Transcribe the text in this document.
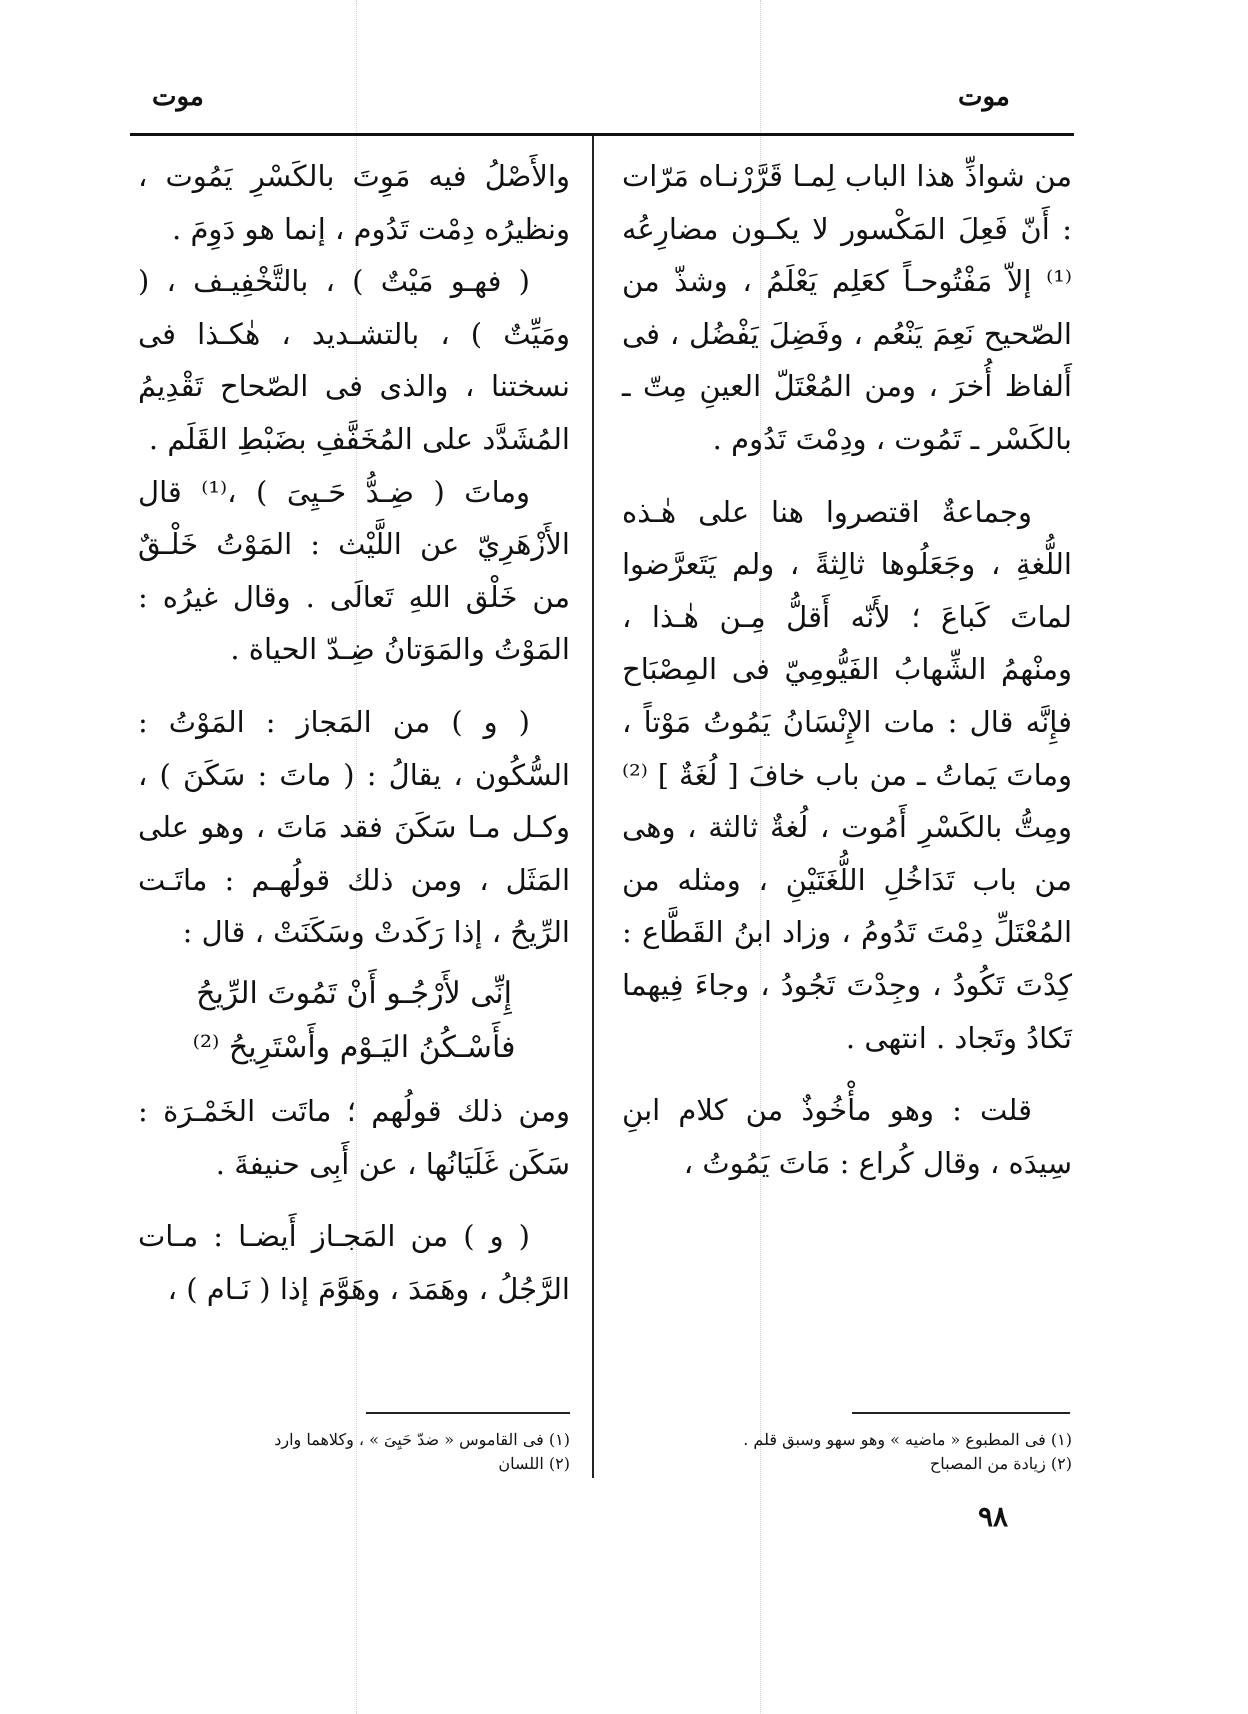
موت
موت

من شواذِّ هذا الباب لِمـا قَرَّرْنـاه مَرّات : أَنّ فَعِلَ المَكْسور لا يكـون مضارِعُه ⁽¹⁾ إلاّ مَفْتُوحـاً كعَلِم يَعْلَمُ ، وشذّ من الصّحيح نَعِمَ يَنْعُم ، وفَضِلَ يَفْضُل ، فى أَلفاظ أُخرَ ، ومن المُعْتَلّ العينِ مِتّ ـ بالكَسْر ـ تَمُوت ، ودِمْتَ تَدُوم .

وجماعةٌ اقتصروا هنا على هٰـذه اللُّغةِ ، وجَعَلُوها ثالِثةً ، ولم يَتَعرَّضوا لماتَ كَباعَ ؛ لأَنّه أَقلُّ مِـن هٰـذا ، ومنْهمُ الشِّهابُ الفَيُّومِيّ فى المِصْبَاح فإِنَّه قال : مات الإِنْسَانُ يَمُوتُ مَوْتاً ، وماتَ يَماتُ ـ من باب خافَ [ لُغَةٌ ] ⁽²⁾ ومِتُّ بالكَسْرِ أَمُوت ، لُغةٌ ثالثة ، وهى من باب تَدَاخُلِ اللُّغَتَيْنِ ، ومثله من المُعْتَلِّ دِمْتَ تَدُومُ ، وزاد ابنُ القَطَّاع : كِدْتَ تَكُودُ ، وجِدْتَ تَجُودُ ، وجاءَ فِيهما تَكادُ وتَجاد . انتهى .

قلت : وهو مأْخُوذٌ من كلام ابنِ سِيدَه ، وقال كُراع : مَاتَ يَمُوتُ ،

والأَصْلُ فيه مَوِتَ بالكَسْرِ يَمُوت ، ونظيرُه دِمْت تَدُوم ، إنما هو دَوِمَ .

( فهـو مَيْتٌ ) ، بالتَّخْفِيـف ، ( ومَيِّتٌ ) ، بالتشـديد ، هٰكـذا فى نسختنا ، والذى فى الصّحاح تَقْدِيمُ المُشَدَّد على المُخَفَّفِ بضَبْطِ القَلَم .

وماتَ ( ضِـدُّ حَـيِىَ ) ،⁽¹⁾ قال الأَزْهَرِيّ عن اللَّيْث : المَوْتُ خَلْـقٌ من خَلْق اللهِ تَعالَى . وقال غيرُه : المَوْتُ والمَوَتانُ ضِـدّ الحياة .

( و ) من المَجاز : المَوْتُ : السُّكُون ، يقالُ : ( ماتَ : سَكَنَ ) ، وكـل مـا سَكَنَ فقد مَاتَ ، وهو على المَثَل ، ومن ذلك قولُهـم : ماتَـت الرِّيحُ ، إذا رَكَدتْ وسَكَنَتْ ، قال :

إِنِّى لأَرْجُـو أَنْ تَمُوتَ الرِّيحُ
فأَسْـكُنُ اليَـوْم وأَسْتَرِيحُ ⁽²⁾

ومن ذلك قولُهم ؛ ماتَت الخَمْـرَة : سَكَن غَلَيَانُها ، عن أَبِى حنيفةَ .

( و ) من المَجـاز أَيضـا : مـات الرَّجُلُ ، وهَمَدَ ، وهَوَّمَ إذا ( نَـام ) ،

(١) فى المطبوع « ماضيه » وهو سهو وسبق قلم .
(٢) زيادة من المصباح
(١) فى القاموس « ضدّ حَيِىَ » ، وكلاهما وارد
(٢) اللسان
٩٨
